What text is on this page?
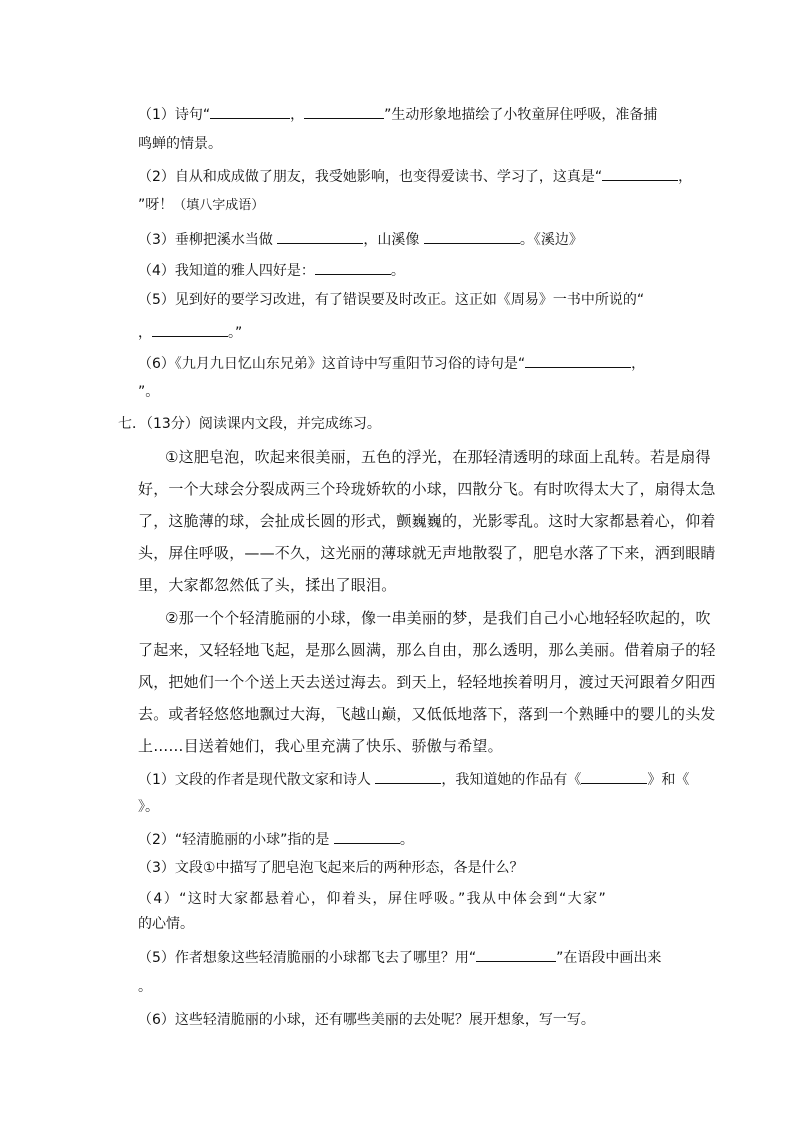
（1）诗句“	，	”生动形象地描绘了小牧童屏住呼吸，准备捕
鸣蝉的情景。
（2）自从和成成做了朋友，我受她影响，也变得爱读书、学习了，这真是“	，
”呀！（填八字成语）
（3）垂柳把溪水当做	，山溪像	。《溪边》
（4）我知道的雅人四好是：	。
（5）见到好的要学习改进，有了错误要及时改正。这正如《周易》一书中所说的“
，	。”
（6）《九月九日忆山东兄弟》这首诗中写重阳节习俗的诗句是“	，
”。
七．（13分）阅读课内文段，并完成练习。
①这肥皂泡，吹起来很美丽，五色的浮光，在那轻清透明的球面上乱转。若是扇得
好，一个大球会分裂成两三个玲珑娇软的小球，四散分飞。有时吹得太大了，扇得太急
了，这脆薄的球，会扯成长圆的形式，颤巍巍的，光影零乱。这时大家都悬着心，仰着
头，屏住呼吸，——不久，这光丽的薄球就无声地散裂了，肥皂水落了下来，洒到眼睛
里，大家都忽然低了头，揉出了眼泪。
②那一个个轻清脆丽的小球，像一串美丽的梦，是我们自己小心地轻轻吹起的，吹
了起来，又轻轻地飞起，是那么圆满，那么自由，那么透明，那么美丽。借着扇子的轻
风，把她们一个个送上天去送过海去。到天上，轻轻地挨着明月，渡过天河跟着夕阳西
去。或者轻悠悠地飘过大海，飞越山巅，又低低地落下，落到一个熟睡中的婴儿的头发
上……目送着她们，我心里充满了快乐、骄傲与希望。
（1）文段的作者是现代散文家和诗人	，我知道她的作品有《	》和《
》。
（2）“轻清脆丽的小球”指的是	。
（3）文段①中描写了肥皂泡飞起来后的两种形态，各是什么？
（4）“这时大家都悬着心，仰着头，屏住呼吸。”我从中体会到“大家”
的心情。
（5）作者想象这些轻清脆丽的小球都飞去了哪里？用“	”在语段中画出来
。
（6）这些轻清脆丽的小球，还有哪些美丽的去处呢？展开想象，写一写。
